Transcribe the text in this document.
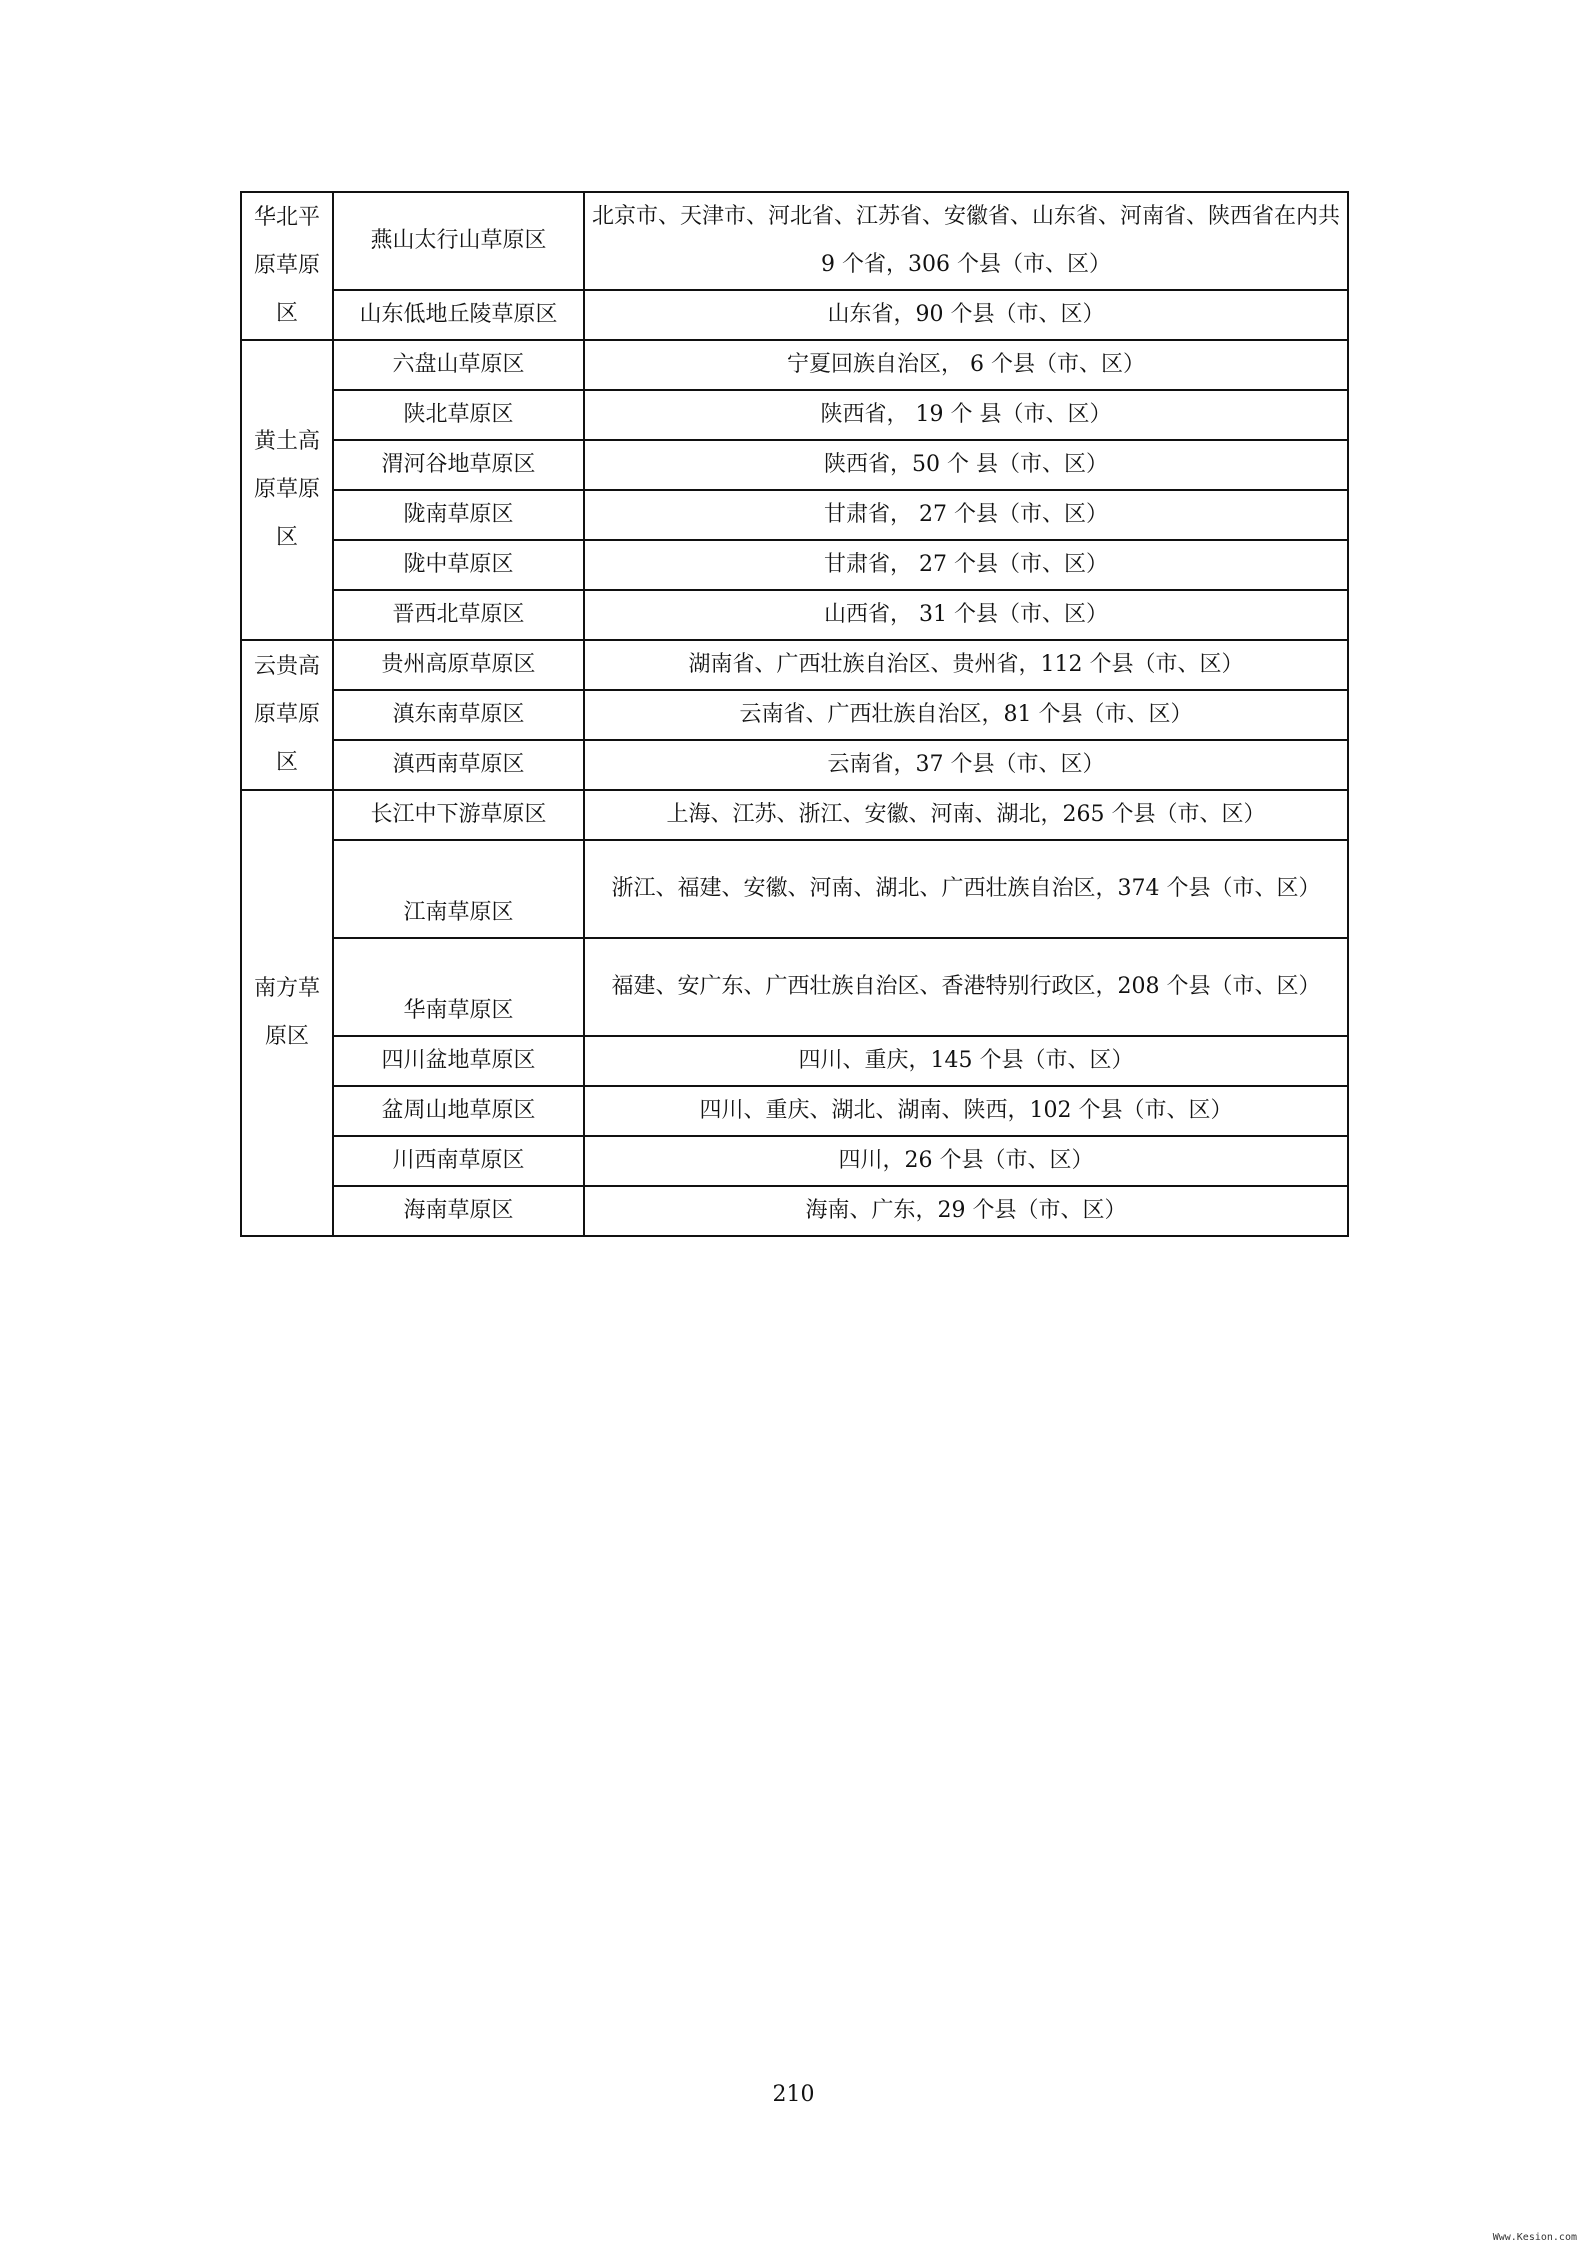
华北平原草原区	燕山太行山草原区	北京市、天津市、河北省、江苏省、安徽省、山东省、河南省、陕西省在内共 9 个省，306 个县（市、区）
	山东低地丘陵草原区	山东省，90 个县（市、区）
黄土高原草原区	六盘山草原区	宁夏回族自治区， 6 个县（市、区）
	陕北草原区	陕西省， 19 个 县（市、区）
	渭河谷地草原区	陕西省，50 个 县（市、区）
	陇南草原区	甘肃省， 27 个县（市、区）
	陇中草原区	甘肃省， 27 个县（市、区）
	晋西北草原区	山西省， 31 个县（市、区）
云贵高原草原区	贵州高原草原区	湖南省、广西壮族自治区、贵州省，112 个县（市、区）
	滇东南草原区	云南省、广西壮族自治区，81 个县（市、区）
	滇西南草原区	云南省，37 个县（市、区）
南方草原区	长江中下游草原区	上海、江苏、浙江、安徽、河南、湖北，265 个县（市、区）
	江南草原区	浙江、福建、安徽、河南、湖北、广西壮族自治区，374 个县（市、区）
	华南草原区	福建、安广东、广西壮族自治区、香港特别行政区，208 个县（市、区）
	四川盆地草原区	四川、重庆，145 个县（市、区）
	盆周山地草原区	四川、重庆、湖北、湖南、陕西，102 个县（市、区）
	川西南草原区	四川，26 个县（市、区）
	海南草原区	海南、广东，29 个县（市、区）
210
Www.Kesion.com
